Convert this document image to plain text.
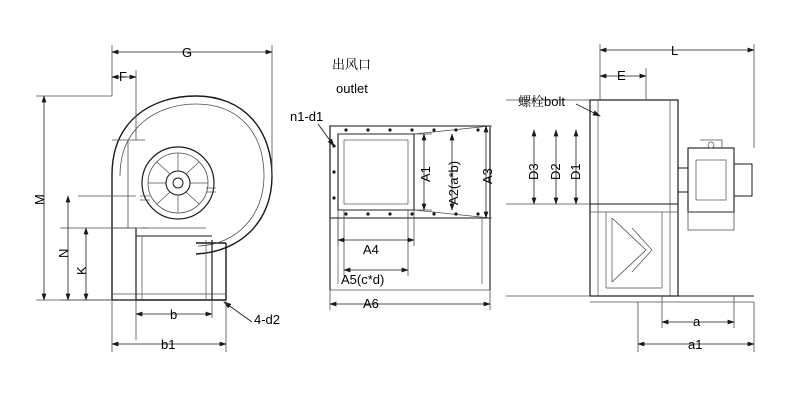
G
F
M
N
K
b
b1
4-d2
出风口
outlet
n1-d1
A1 A2(a*b) A3
A4
A5(c*d)
A6
L
E
螺栓bolt
D3 D2 D1
a
a1
